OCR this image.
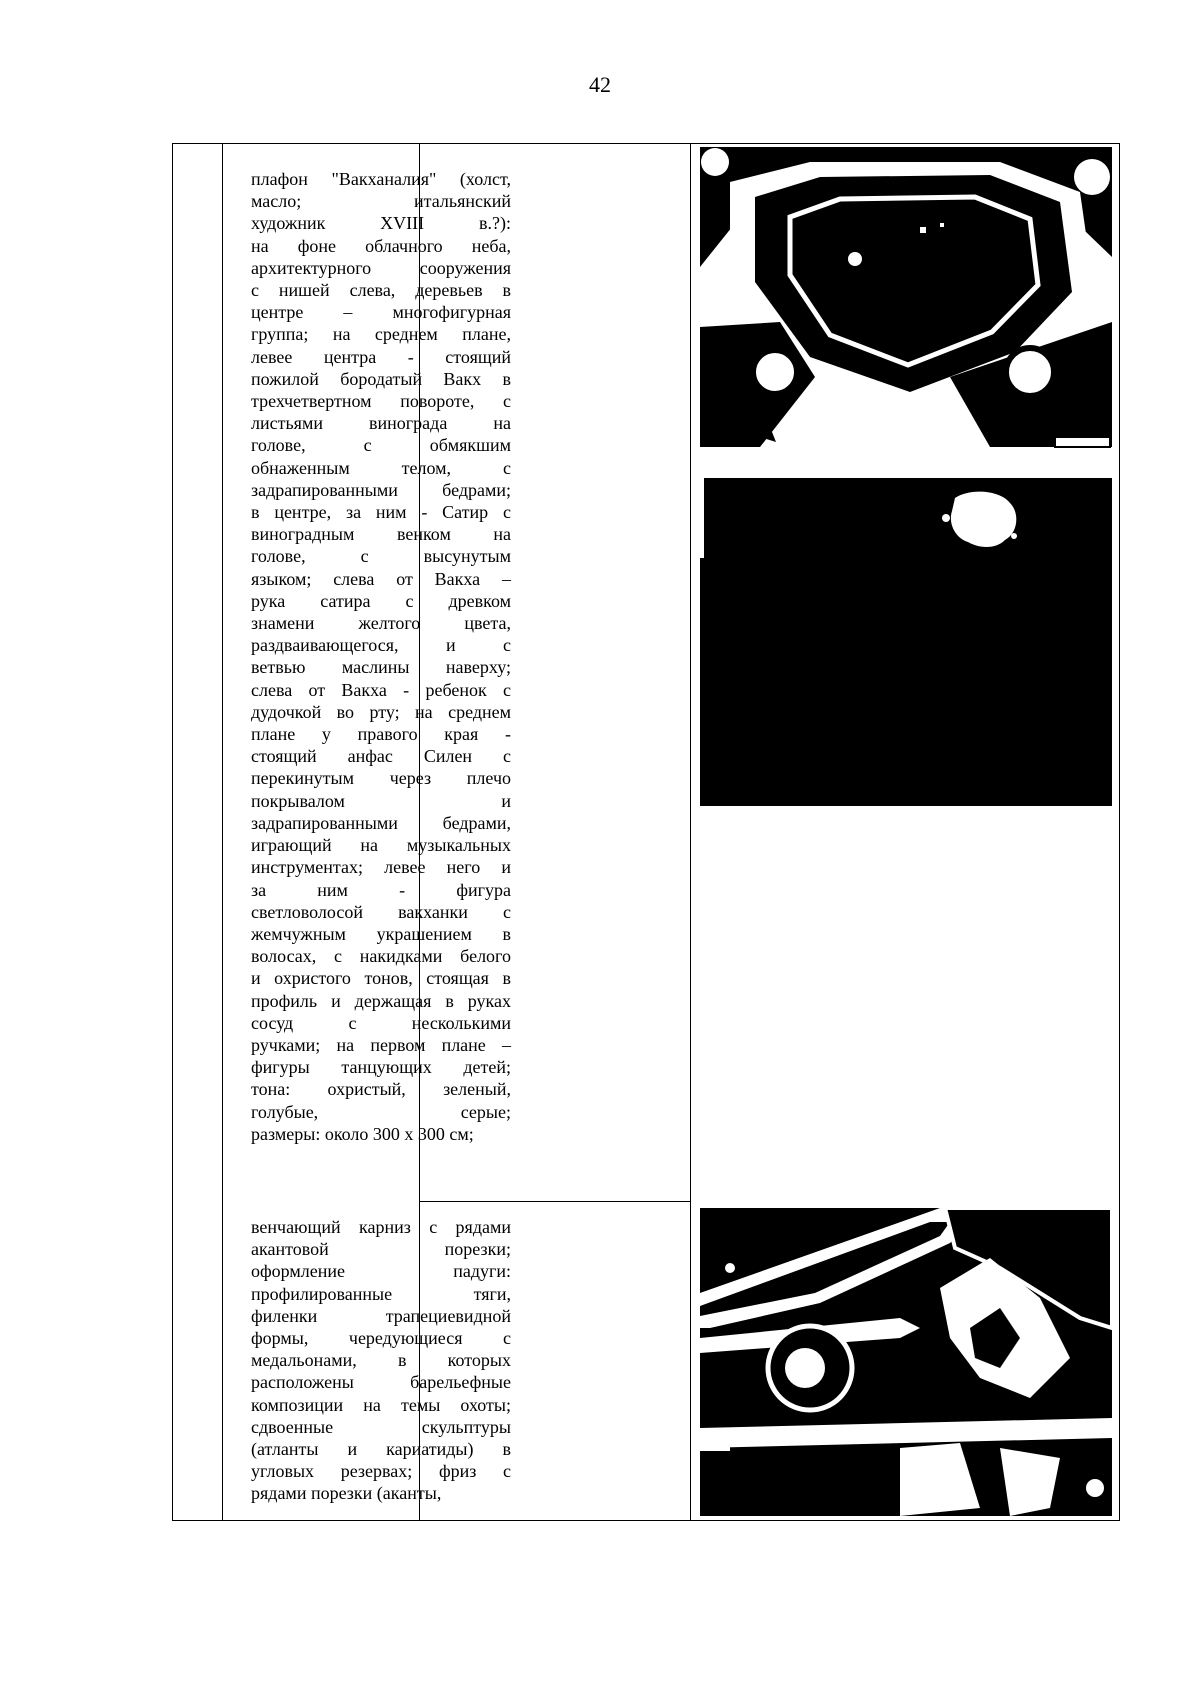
42
плафон "Вакханалия" (холст,
масло; итальянский
художник XVIII в.?):
на фоне облачного неба,
архитектурного сооружения
с нишей слева, деревьев в
центре – многофигурная
группа; на среднем плане,
левее центра - стоящий
пожилой бородатый Вакх в
трехчетвертном повороте, с
листьями винограда на
голове, с обмякшим
обнаженным телом, с
задрапированными бедрами;
в центре, за ним - Сатир с
виноградным венком на
голове, с высунутым
языком; слева от Вакха –
рука сатира с древком
знамени желтого цвета,
раздваивающегося, и с
ветвью маслины наверху;
слева от Вакха - ребенок с
дудочкой во рту; на среднем
плане у правого края -
стоящий анфас Силен с
перекинутым через плечо
покрывалом и
задрапированными бедрами,
играющий на музыкальных
инструментах; левее него и
за ним - фигура
светловолосой вакханки с
жемчужным украшением в
волосах, с накидками белого
и охристого тонов, стоящая в
профиль и держащая в руках
сосуд с несколькими
ручками; на первом плане –
фигуры танцующих детей;
тона: охристый, зеленый,
голубые, серые;
размеры: около 300 x 300 см;
венчающий карниз с рядами
акантовой порезки;
оформление падуги:
профилированные тяги,
филенки трапециевидной
формы, чередующиеся с
медальонами, в которых
расположены барельефные
композиции на темы охоты;
сдвоенные скульптуры
(атланты и кариатиды) в
угловых резервах; фриз с
рядами порезки (аканты,
